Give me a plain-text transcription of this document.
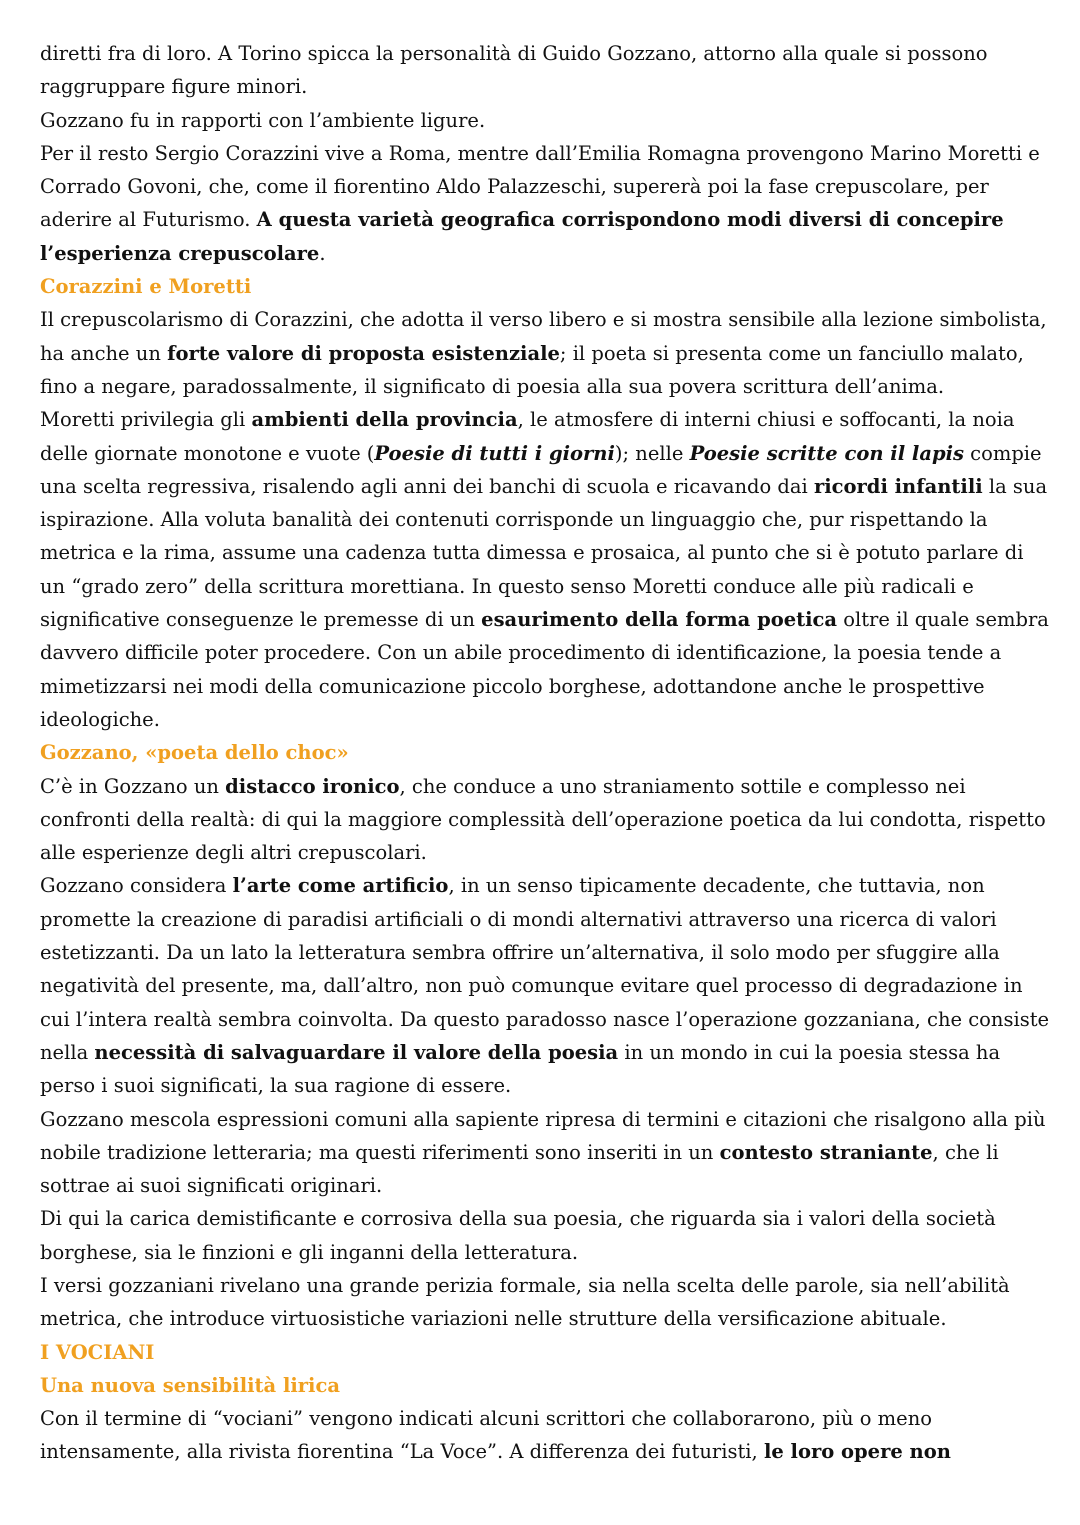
diretti fra di loro. A Torino spicca la personalità di Guido Gozzano, attorno alla quale si possono raggruppare figure minori.

Gozzano fu in rapporti con l’ambiente ligure.

Per il resto Sergio Corazzini vive a Roma, mentre dall’Emilia Romagna provengono Marino Moretti e Corrado Govoni, che, come il fiorentino Aldo Palazzeschi, supererà poi la fase crepuscolare, per aderire al Futurismo. A questa varietà geografica corrispondono modi diversi di concepire l’esperienza crepuscolare.

Corazzini e Moretti

Il crepuscolarismo di Corazzini, che adotta il verso libero e si mostra sensibile alla lezione simbolista, ha anche un forte valore di proposta esistenziale; il poeta si presenta come un fanciullo malato, fino a negare, paradossalmente, il significato di poesia alla sua povera scrittura dell’anima.

Moretti privilegia gli ambienti della provincia, le atmosfere di interni chiusi e soffocanti, la noia delle giornate monotone e vuote (Poesie di tutti i giorni); nelle Poesie scritte con il lapis compie una scelta regressiva, risalendo agli anni dei banchi di scuola e ricavando dai ricordi infantili la sua ispirazione. Alla voluta banalità dei contenuti corrisponde un linguaggio che, pur rispettando la metrica e la rima, assume una cadenza tutta dimessa e prosaica, al punto che si è potuto parlare di un “grado zero” della scrittura morettiana. In questo senso Moretti conduce alle più radicali e significative conseguenze le premesse di un esaurimento della forma poetica oltre il quale sembra davvero difficile poter procedere. Con un abile procedimento di identificazione, la poesia tende a mimetizzarsi nei modi della comunicazione piccolo borghese, adottandone anche le prospettive ideologiche.

Gozzano, «poeta dello choc»

C’è in Gozzano un distacco ironico, che conduce a uno straniamento sottile e complesso nei confronti della realtà: di qui la maggiore complessità dell’operazione poetica da lui condotta, rispetto alle esperienze degli altri crepuscolari.

Gozzano considera l’arte come artificio, in un senso tipicamente decadente, che tuttavia, non promette la creazione di paradisi artificiali o di mondi alternativi attraverso una ricerca di valori estetizzanti. Da un lato la letteratura sembra offrire un’alternativa, il solo modo per sfuggire alla negatività del presente, ma, dall’altro, non può comunque evitare quel processo di degradazione in cui l’intera realtà sembra coinvolta. Da questo paradosso nasce l’operazione gozzaniana, che consiste nella necessità di salvaguardare il valore della poesia in un mondo in cui la poesia stessa ha perso i suoi significati, la sua ragione di essere.

Gozzano mescola espressioni comuni alla sapiente ripresa di termini e citazioni che risalgono alla più nobile tradizione letteraria; ma questi riferimenti sono inseriti in un contesto straniante, che li sottrae ai suoi significati originari.

Di qui la carica demistificante e corrosiva della sua poesia, che riguarda sia i valori della società borghese, sia le finzioni e gli inganni della letteratura.

I versi gozzaniani rivelano una grande perizia formale, sia nella scelta delle parole, sia nell’abilità metrica, che introduce virtuosistiche variazioni nelle strutture della versificazione abituale.

I VOCIANI

Una nuova sensibilità lirica

Con il termine di “vociani” vengono indicati alcuni scrittori che collaborarono, più o meno intensamente, alla rivista fiorentina “La Voce”. A differenza dei futuristi, le loro opere non
